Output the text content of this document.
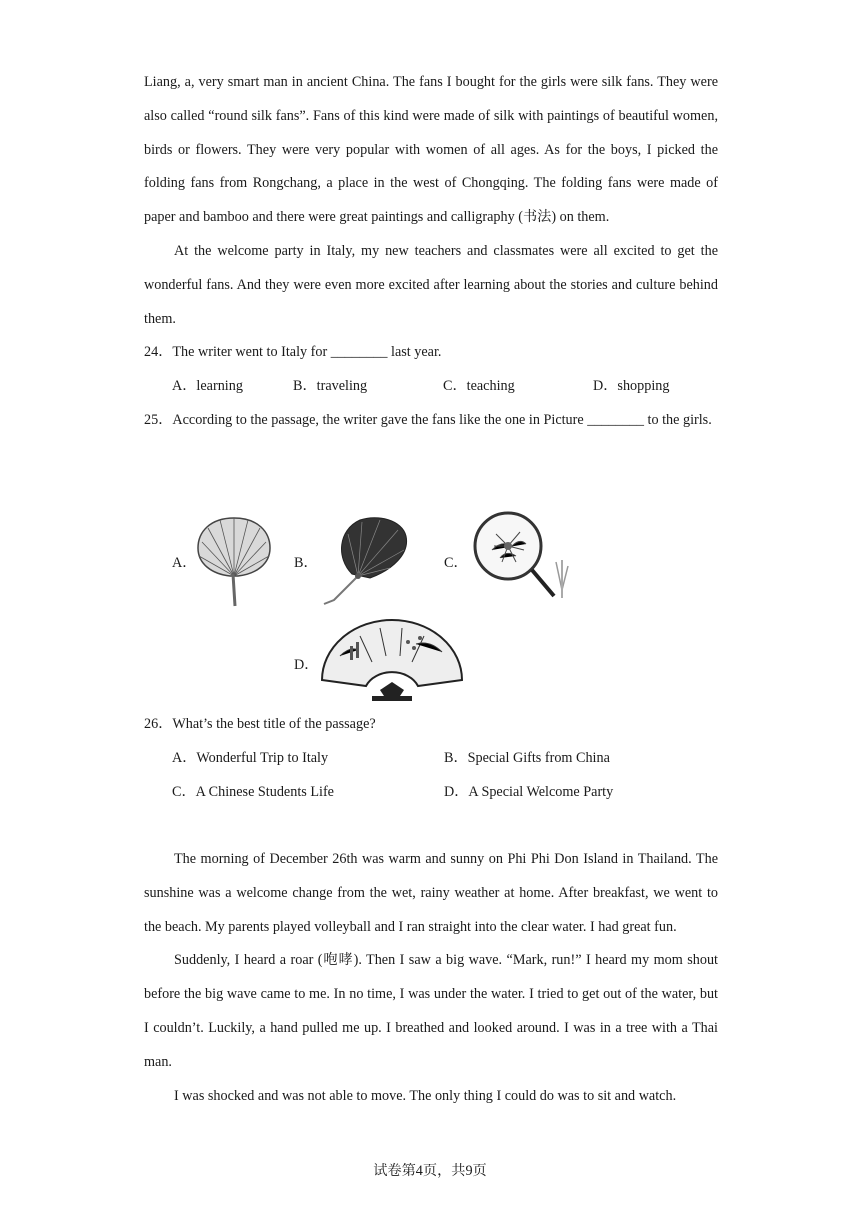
Liang, a, very smart man in ancient China. The fans I bought for the girls were silk fans. They were also called “round silk fans”. Fans of this kind were made of silk with paintings of beautiful women, birds or flowers. They were very popular with women of all ages. As for the boys, I picked the folding fans from Rongchang, a place in the west of Chongqing. The folding fans were made of paper and bamboo and there were great paintings and calligraphy (书法) on them.

At the welcome party in Italy, my new teachers and classmates were all excited to get the wonderful fans. And they were even more excited after learning about the stories and culture behind them.

24．The writer went to Italy for ________ last year.
A．learning	B．traveling	C．teaching	D．shopping

25．According to the passage, the writer gave the fans like the one in Picture ________ to the girls.

A．	B．	C．
D．
26．What’s the best title of the passage?
A．Wonderful Trip to Italy	B．Special Gifts from China
C．A Chinese Students Life	D．A Special Welcome Party

The morning of December 26th was warm and sunny on Phi Phi Don Island in Thailand. The sunshine was a welcome change from the wet, rainy weather at home. After breakfast, we went to the beach. My parents played volleyball and I ran straight into the clear water. I had great fun.

Suddenly, I heard a roar (咆哮). Then I saw a big wave. “Mark, run!” I heard my mom shout before the big wave came to me. In no time, I was under the water. I tried to get out of the water, but I couldn’t. Luckily, a hand pulled me up. I breathed and looked around. I was in a tree with a Thai man.

I was shocked and was not able to move. The only thing I could do was to sit and watch.

试卷第4页，共9页
